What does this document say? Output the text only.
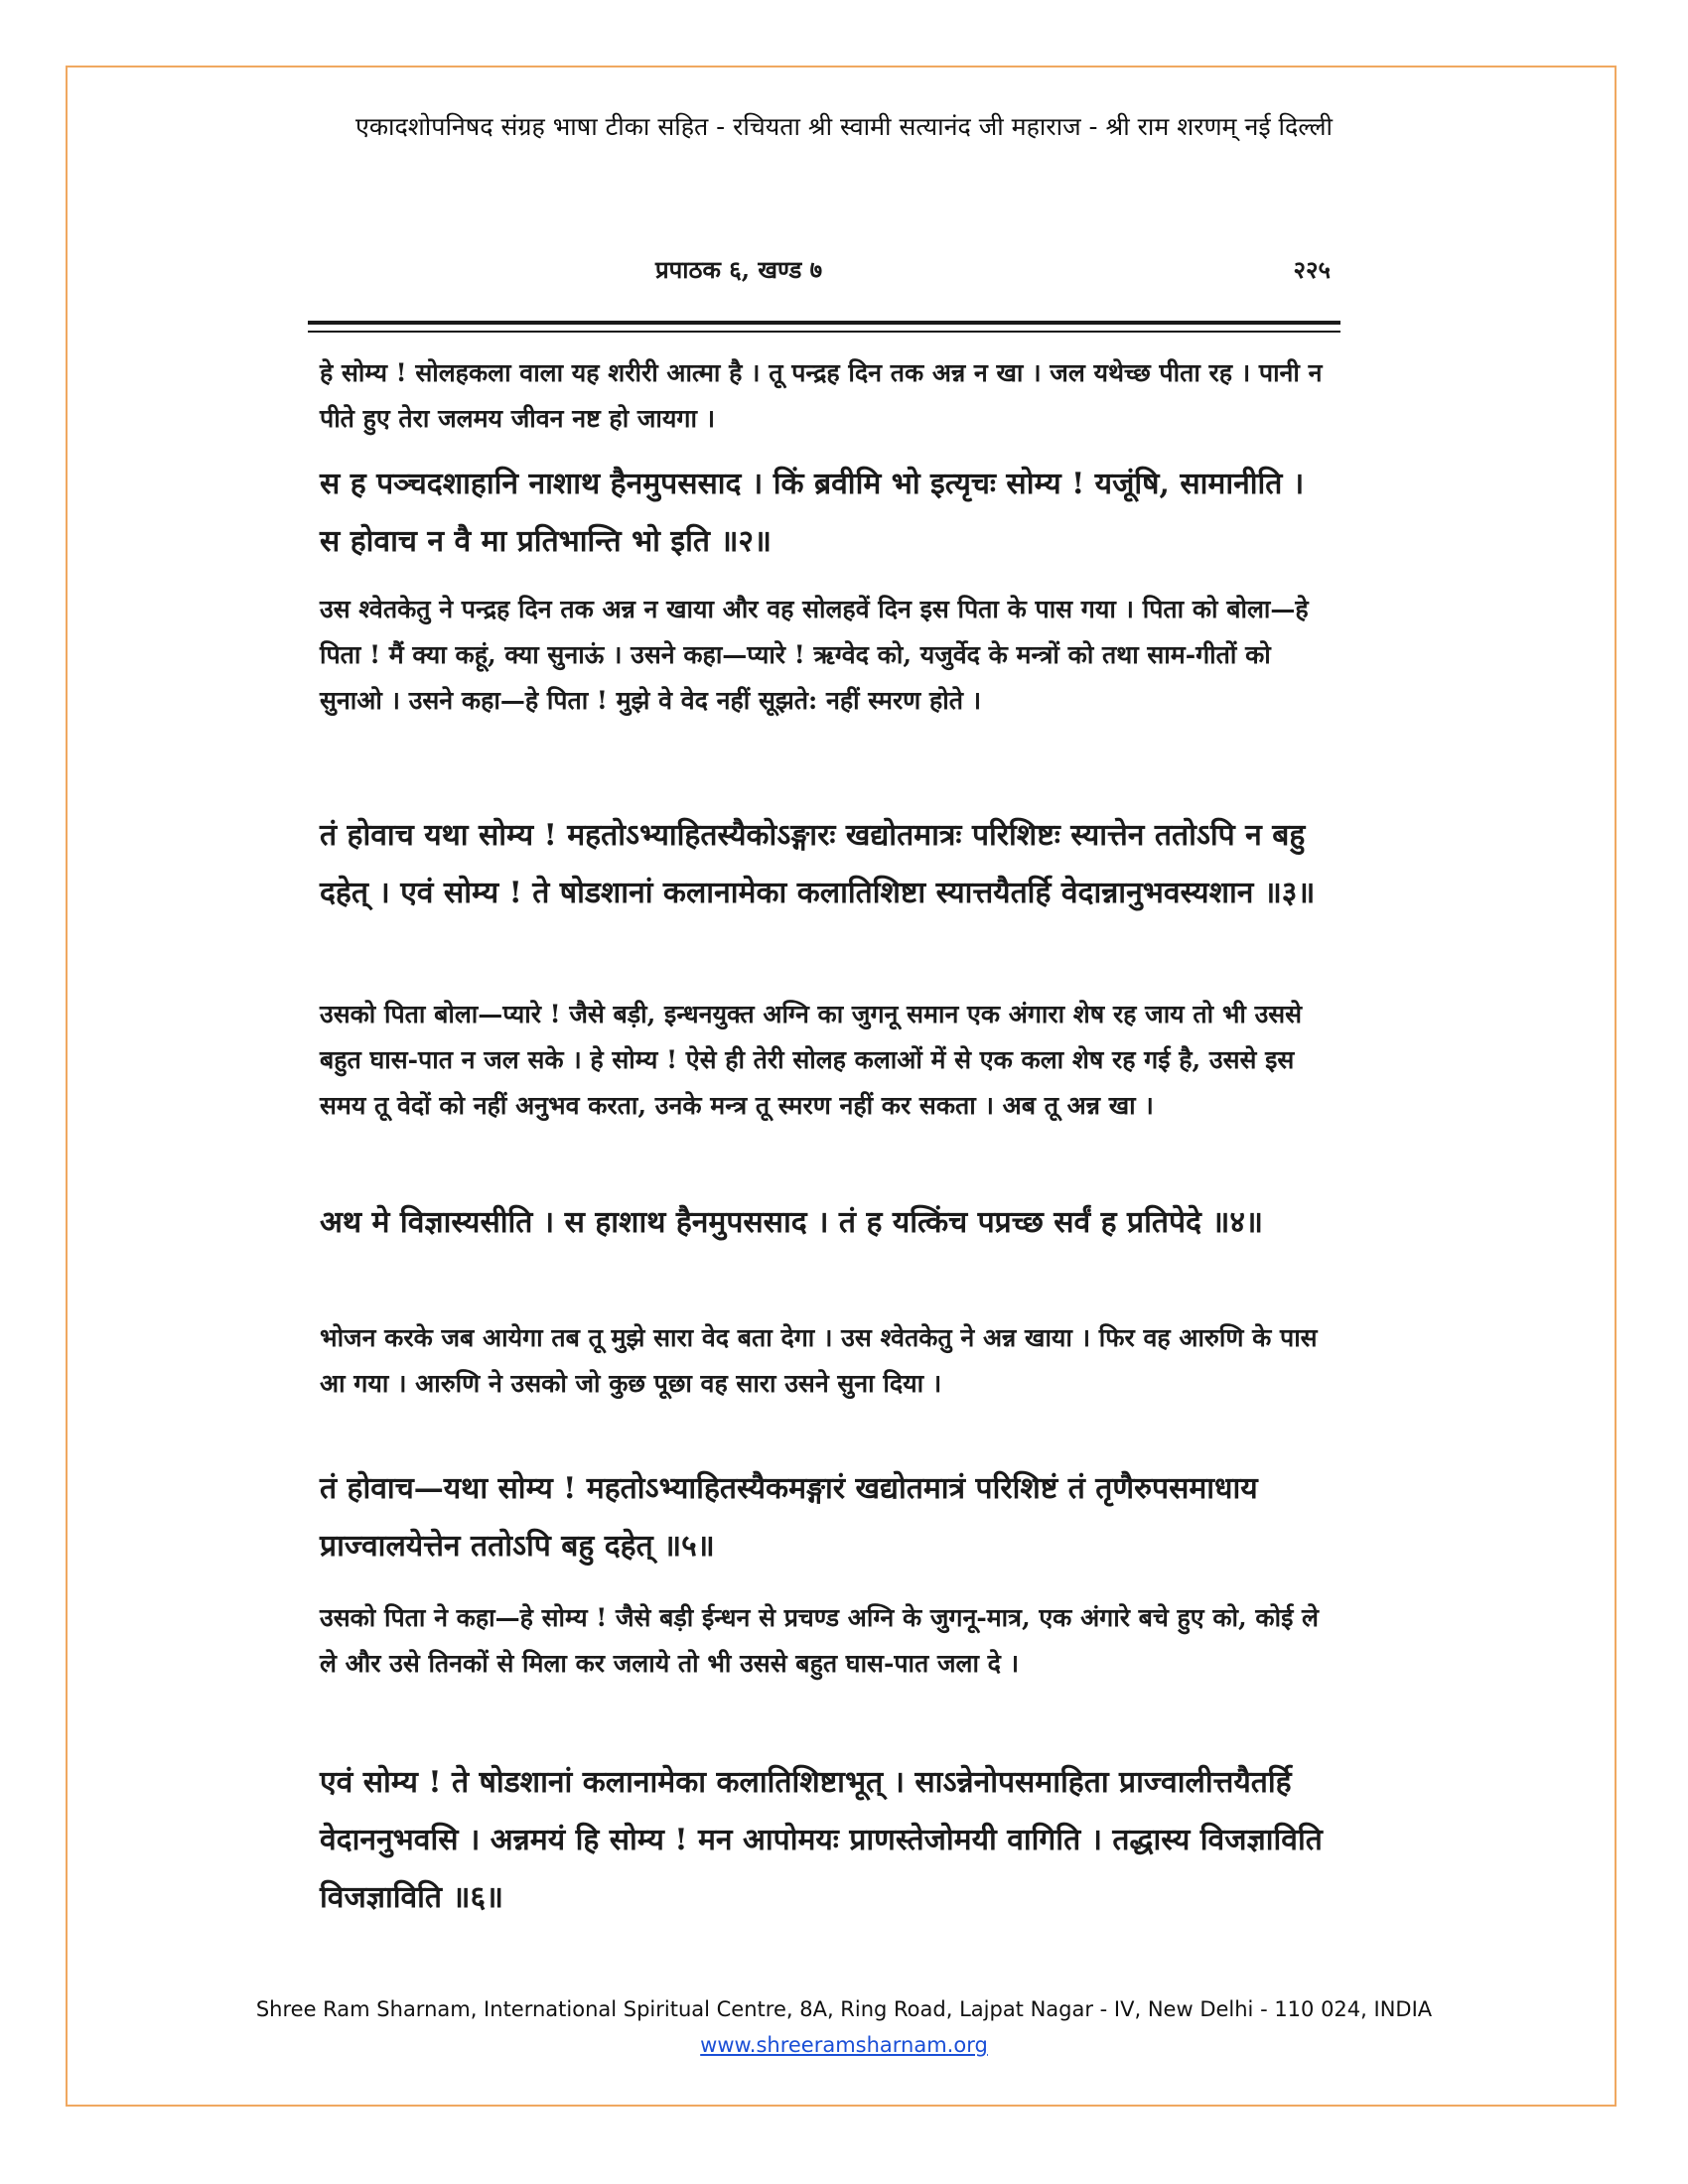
एकादशोपनिषद संग्रह भाषा टीका सहित - रचियता श्री स्वामी सत्यानंद जी महाराज - श्री राम शरणम् नई दिल्ली
प्रपाठक ६, खण्ड ७	२२५

हे सोम्य ! सोलहकला वाला यह शरीरी आत्मा है । तू पन्द्रह दिन तक अन्न न खा । जल यथेच्छ पीता रह । पानी न पीते हुए तेरा जलमय जीवन नष्ट हो जायगा ।

स ह पञ्चदशाहानि नाशाथ हैनमुपससाद । किं ब्रवीमि भो इत्यृचः सोम्य ! यजूंषि, सामानीति । स होवाच न वै मा प्रतिभान्ति भो इति ॥२॥

उस श्वेतकेतु ने पन्द्रह दिन तक अन्न न खाया और वह सोलहवें दिन इस पिता के पास गया । पिता को बोला—हे पिता ! मैं क्या कहूं, क्या सुनाऊं । उसने कहा—प्यारे ! ऋग्वेद को, यजुर्वेद के मन्त्रों को तथा साम-गीतों को सुनाओ । उसने कहा—हे पिता ! मुझे वे वेद नहीं सूझते: नहीं स्मरण होते ।

तं होवाच यथा सोम्य ! महतोऽभ्याहितस्यैकोऽङ्गारः खद्योतमात्रः परिशिष्टः स्यात्तेन ततोऽपि न बहु दहेत् । एवं सोम्य ! ते षोडशानां कलानामेका कलातिशिष्टा स्यात्तयैतर्हि वेदान्नानुभवस्यशान ॥३॥

उसको पिता बोला—प्यारे ! जैसे बड़ी, इन्धनयुक्त अग्नि का जुगनू समान एक अंगारा शेष रह जाय तो भी उससे बहुत घास-पात न जल सके । हे सोम्य ! ऐसे ही तेरी सोलह कलाओं में से एक कला शेष रह गई है, उससे इस समय तू वेदों को नहीं अनुभव करता, उनके मन्त्र तू स्मरण नहीं कर सकता । अब तू अन्न खा ।

अथ मे विज्ञास्यसीति । स हाशाथ हैनमुपससाद । तं ह यत्किंच पप्रच्छ सर्वं ह प्रतिपेदे ॥४॥

भोजन करके जब आयेगा तब तू मुझे सारा वेद बता देगा । उस श्वेतकेतु ने अन्न खाया । फिर वह आरुणि के पास आ गया । आरुणि ने उसको जो कुछ पूछा वह सारा उसने सुना दिया ।

तं होवाच—यथा सोम्य ! महतोऽभ्याहितस्यैकमङ्गारं खद्योतमात्रं परिशिष्टं तं तृणैरुपसमाधाय प्राज्वालयेत्तेन ततोऽपि बहु दहेत् ॥५॥

उसको पिता ने कहा—हे सोम्य ! जैसे बड़ी ईन्धन से प्रचण्ड अग्नि के जुगनू-मात्र, एक अंगारे बचे हुए को, कोई ले ले और उसे तिनकों से मिला कर जलाये तो भी उससे बहुत घास-पात जला दे ।

एवं सोम्य ! ते षोडशानां कलानामेका कलातिशिष्टाभूत् । साऽन्नेनोपसमाहिता प्राज्वालीत्तयैतर्हि वेदाननुभवसि । अन्नमयं हि सोम्य ! मन आपोमयः प्राणस्तेजोमयी वागिति । तद्धास्य विजज्ञाविति विजज्ञाविति ॥६॥

Shree Ram Sharnam, International Spiritual Centre, 8A, Ring Road, Lajpat Nagar - IV, New Delhi - 110 024, INDIA
www.shreeramsharnam.org
